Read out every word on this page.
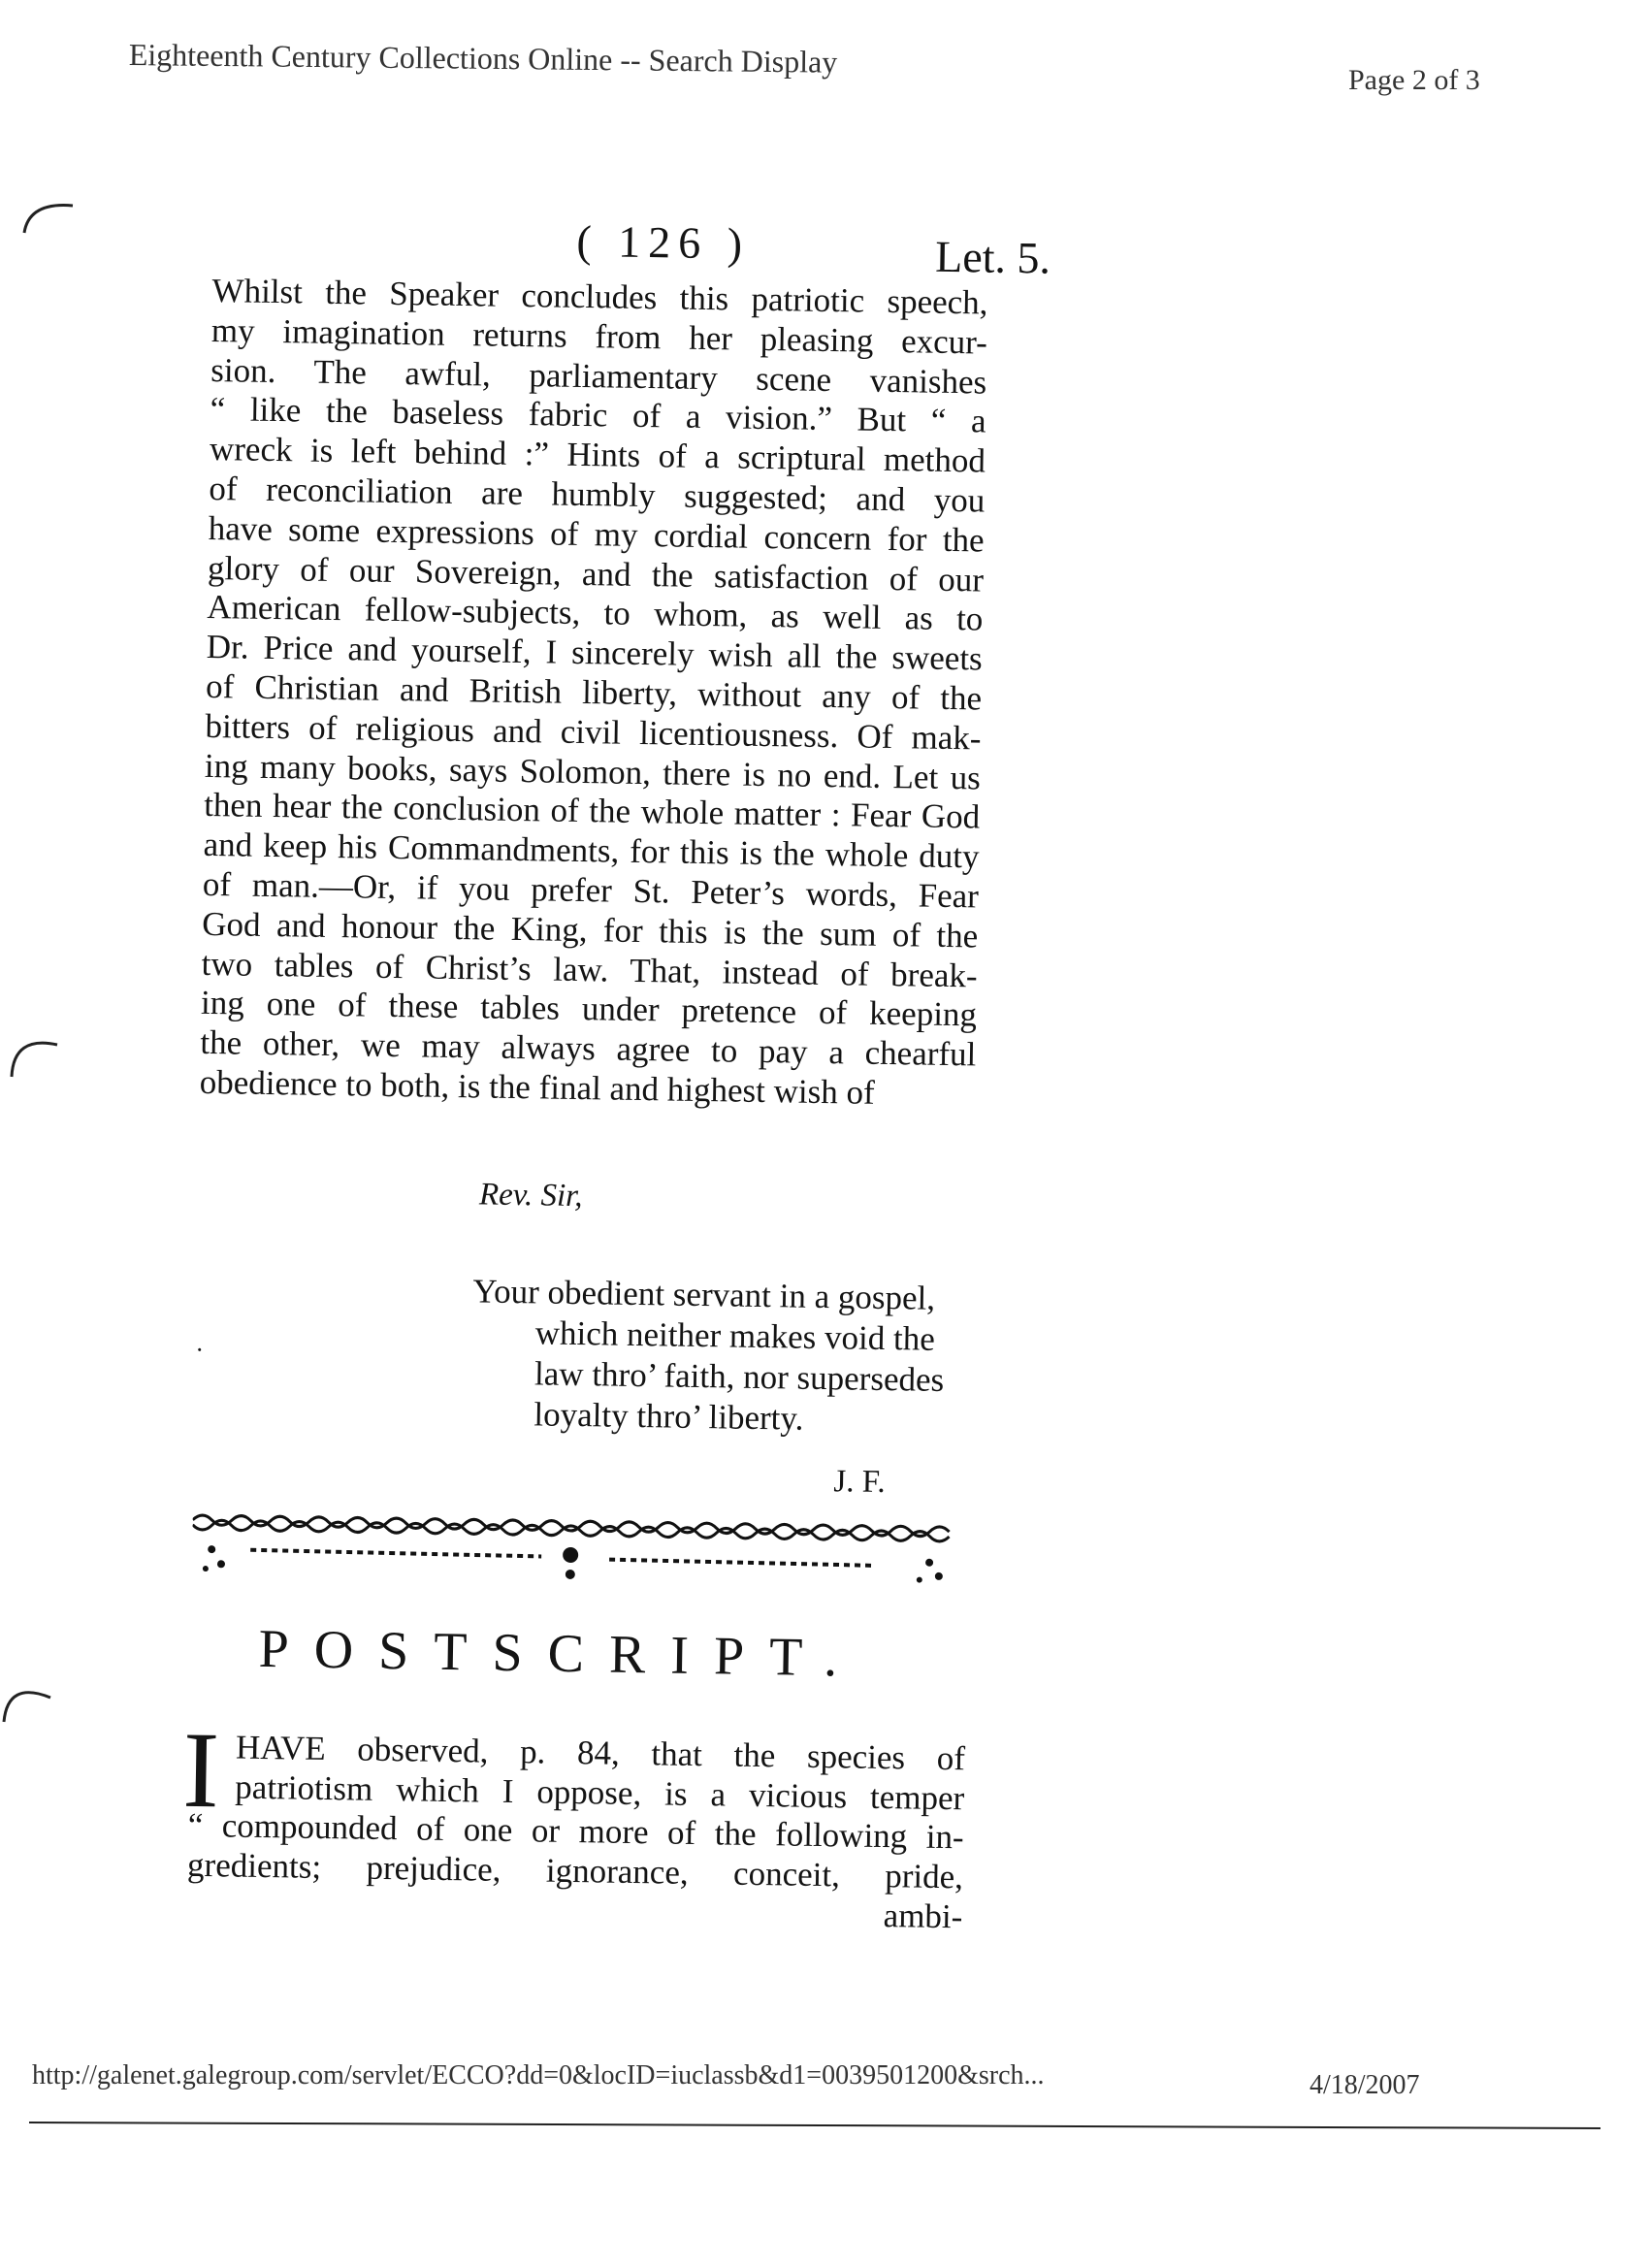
Eighteenth Century Collections Online -- Search Display
Page 2 of 3
( 126 )	Let. 5.
Whilst the Speaker concludes this patriotic speech,
my imagination returns from her pleasing excur-
sion. The awful, parliamentary scene vanishes
“ like the baseless fabric of a vision.” But “ a
wreck is left behind :” Hints of a scriptural method
of reconciliation are humbly suggested; and you
have some expressions of my cordial concern for the
glory of our Sovereign, and the satisfaction of our
American fellow-subjects, to whom, as well as to
Dr. Price and yourself, I sincerely wish all the sweets
of Christian and British liberty, without any of the
bitters of religious and civil licentiousness. Of mak-
ing many books, says Solomon, there is no end. Let us
then hear the conclusion of the whole matter : Fear God
and keep his Commandments, for this is the whole duty
of man.—Or, if you prefer St. Peter’s words, Fear
God and honour the King, for this is the sum of the
two tables of Christ’s law. That, instead of break-
ing one of these tables under pretence of keeping
the other, we may always agree to pay a chearful
obedience to both, is the final and highest wish of
Rev. Sir,
·
Your obedient servant in a gospel,
which neither makes void the
law thro’ faith, nor supersedes
loyalty thro’ liberty.
J. F.
POSTSCRIPT.
I HAVE observed, p. 84, that the species of
patriotism which I oppose, is a vicious temper
“ compounded of one or more of the following in-
gredients; prejudice, ignorance, conceit, pride,
ambi-
http://galenet.galegroup.com/servlet/ECCO?dd=0&locID=iuclassb&d1=0039501200&srch...	4/18/2007
